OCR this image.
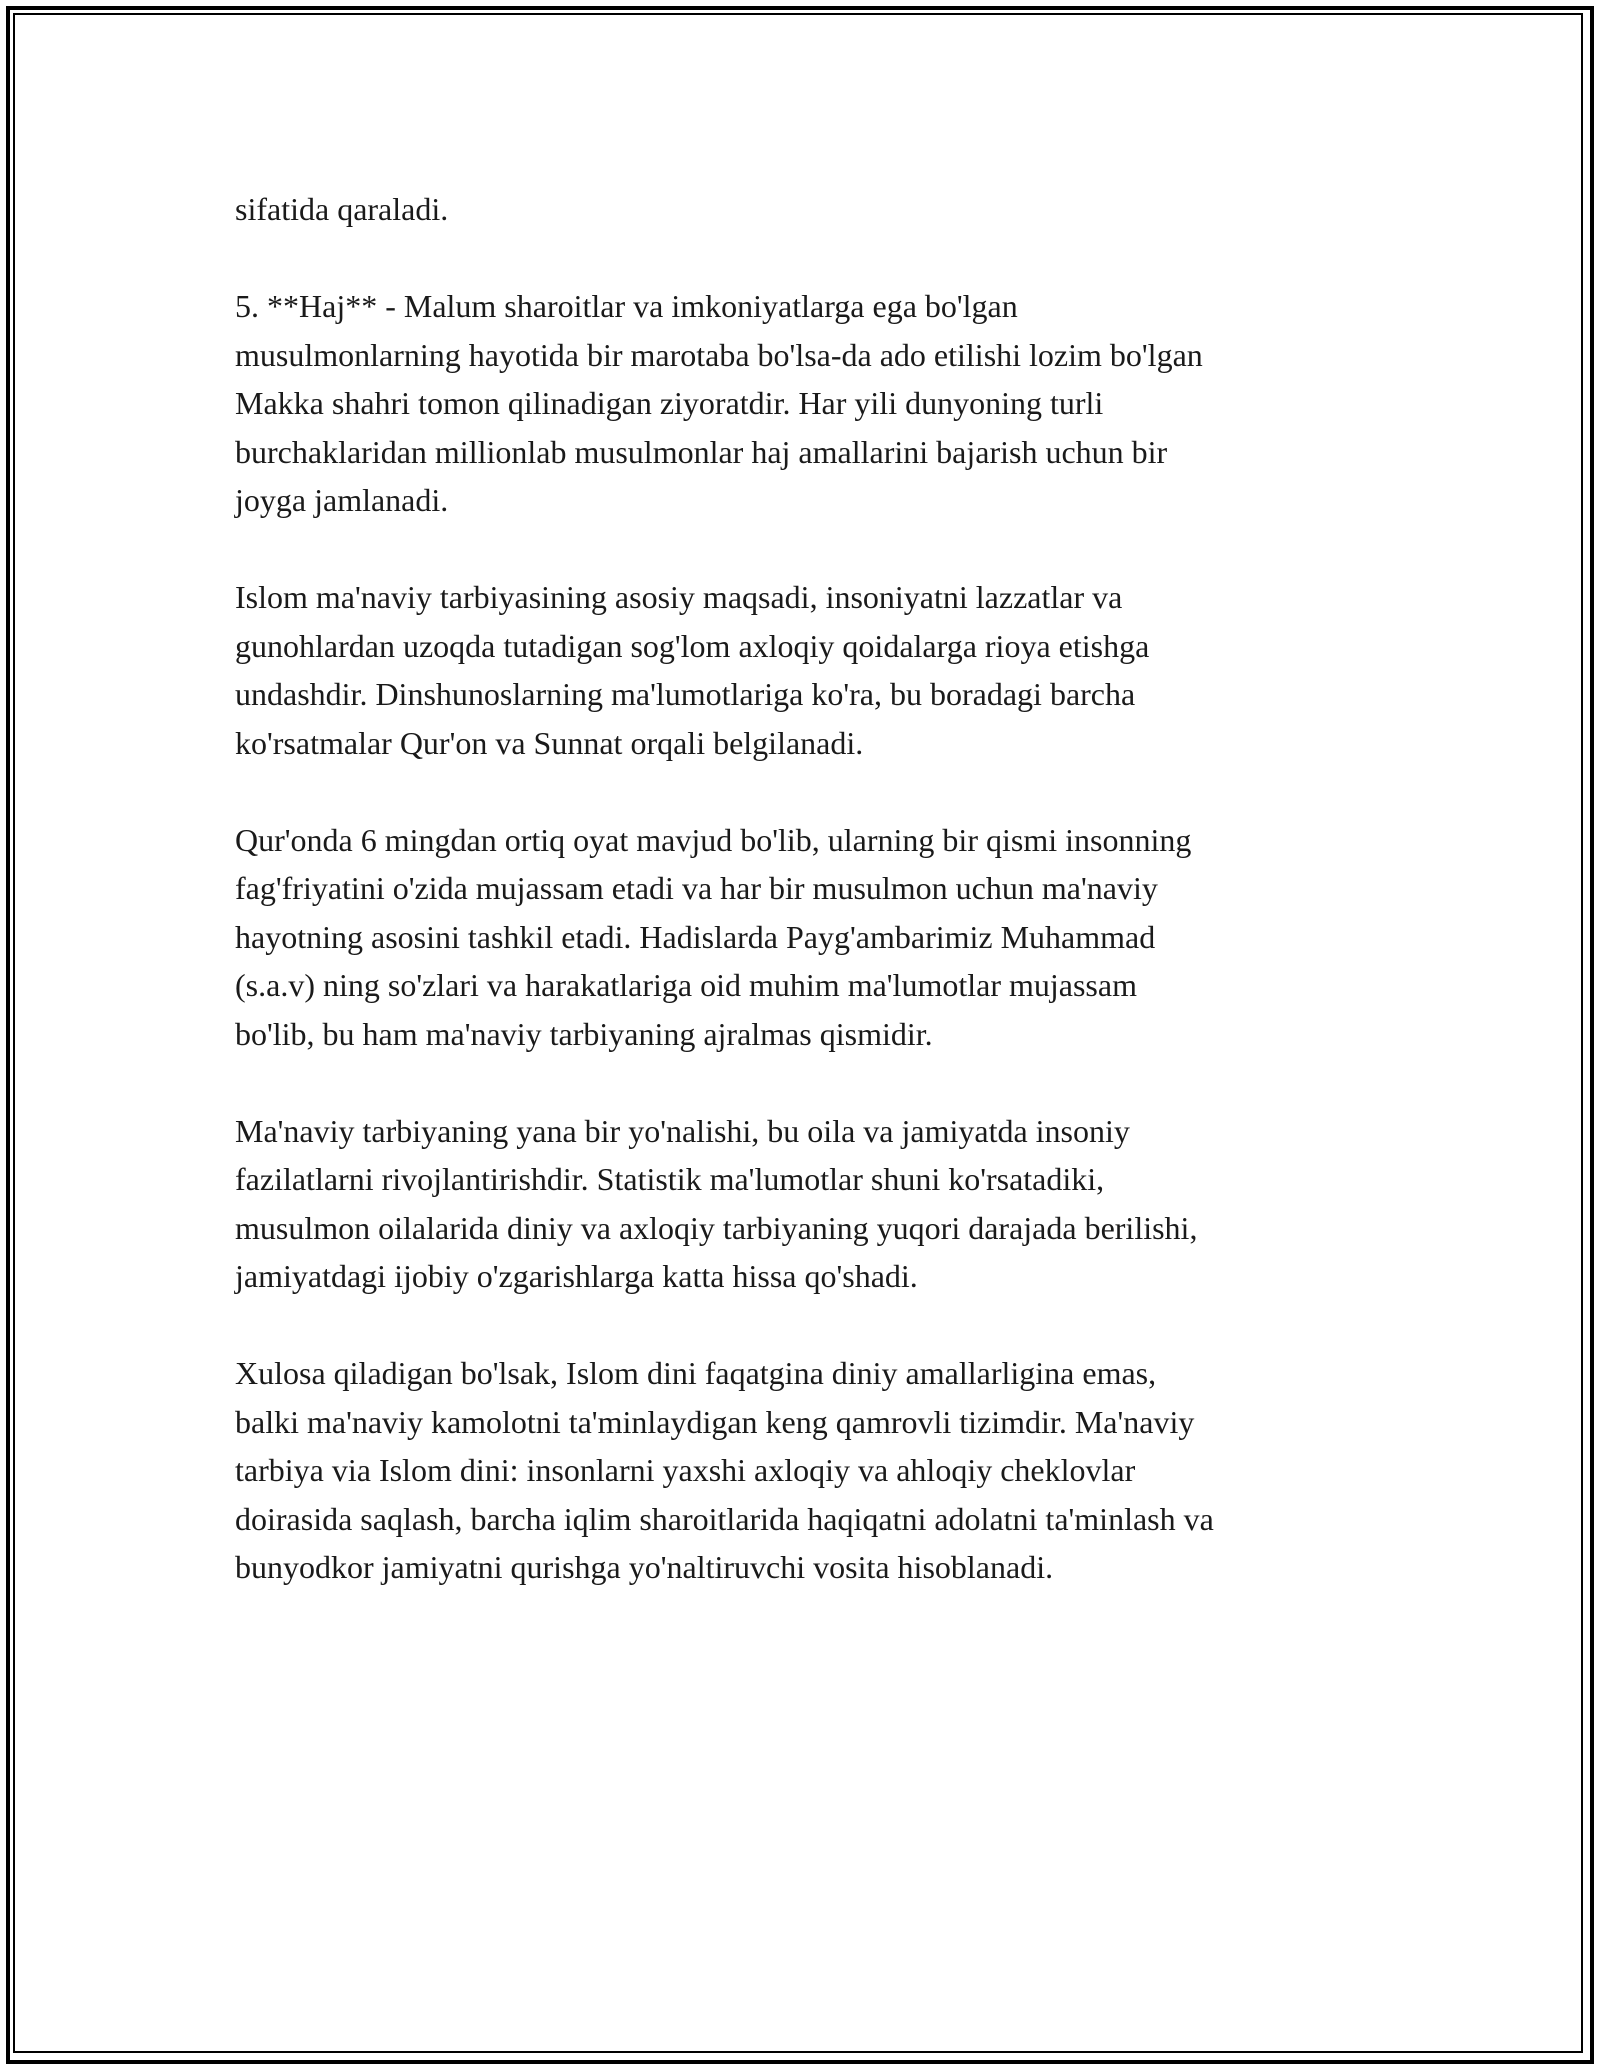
sifatida qaraladi.

5. **Haj** - Malum sharoitlar va imkoniyatlarga ega bo'lgan
musulmonlarning hayotida bir marotaba bo'lsa-da ado etilishi lozim bo'lgan
Makka shahri tomon qilinadigan ziyoratdir. Har yili dunyoning turli
burchaklaridan millionlab musulmonlar haj amallarini bajarish uchun bir
joyga jamlanadi.

Islom ma'naviy tarbiyasining asosiy maqsadi, insoniyatni lazzatlar va
gunohlardan uzoqda tutadigan sog'lom axloqiy qoidalarga rioya etishga
undashdir. Dinshunoslarning ma'lumotlariga ko'ra, bu boradagi barcha
ko'rsatmalar Qur'on va Sunnat orqali belgilanadi.

Qur'onda 6 mingdan ortiq oyat mavjud bo'lib, ularning bir qismi insonning
fag'friyatini o'zida mujassam etadi va har bir musulmon uchun ma'naviy
hayotning asosini tashkil etadi. Hadislarda Payg'ambarimiz Muhammad
(s.a.v) ning so'zlari va harakatlariga oid muhim ma'lumotlar mujassam
bo'lib, bu ham ma'naviy tarbiyaning ajralmas qismidir.

Ma'naviy tarbiyaning yana bir yo'nalishi, bu oila va jamiyatda insoniy
fazilatlarni rivojlantirishdir. Statistik ma'lumotlar shuni ko'rsatadiki,
musulmon oilalarida diniy va axloqiy tarbiyaning yuqori darajada berilishi,
jamiyatdagi ijobiy o'zgarishlarga katta hissa qo'shadi.

Xulosa qiladigan bo'lsak, Islom dini faqatgina diniy amallarligina emas,
balki ma'naviy kamolotni ta'minlaydigan keng qamrovli tizimdir. Ma'naviy
tarbiya via Islom dini: insonlarni yaxshi axloqiy va ahloqiy cheklovlar
doirasida saqlash, barcha iqlim sharoitlarida haqiqatni adolatni ta'minlash va
bunyodkor jamiyatni qurishga yo'naltiruvchi vosita hisoblanadi.
